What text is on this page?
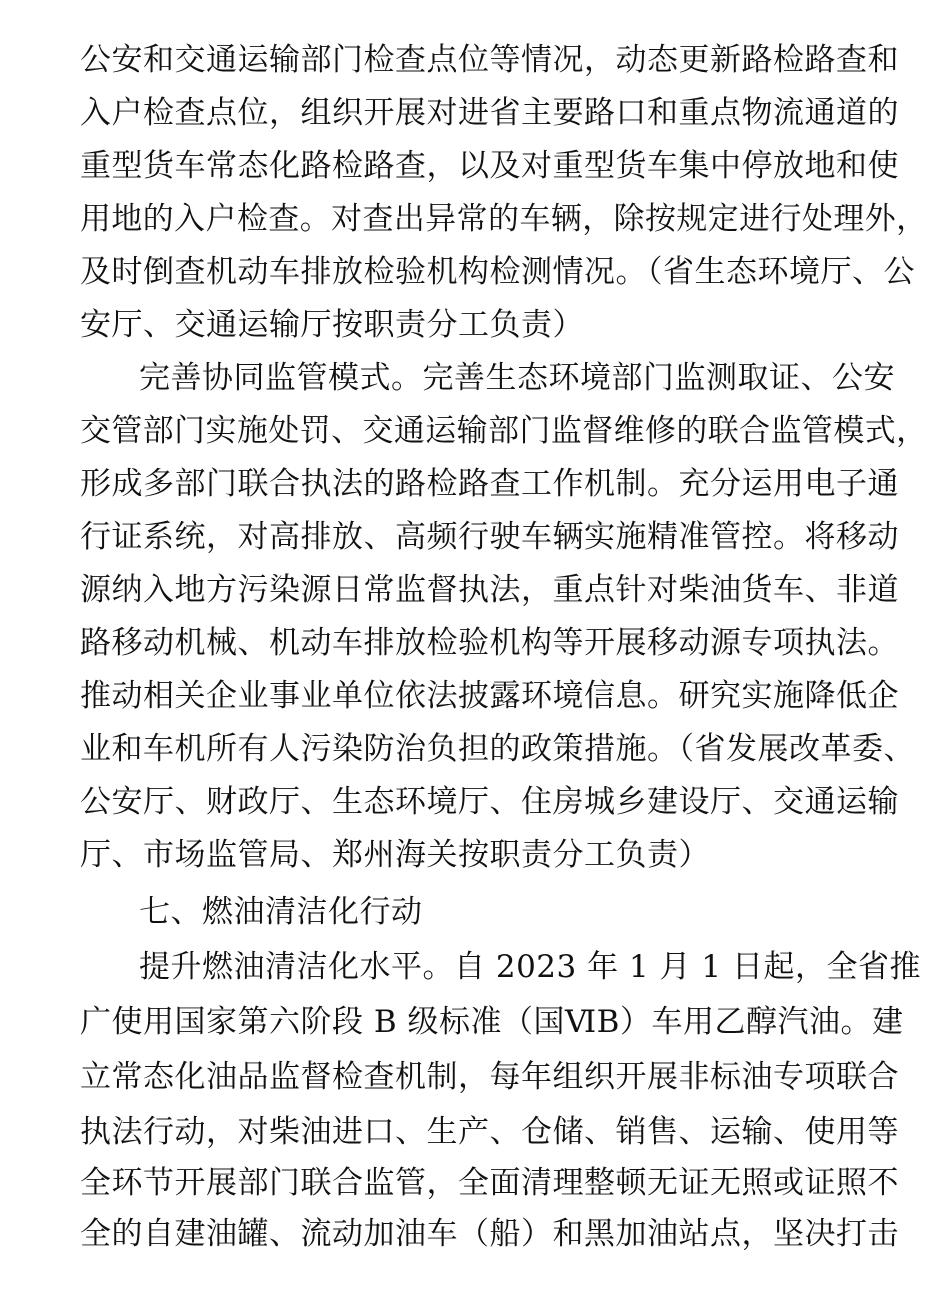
公安和交通运输部门检查点位等情况，动态更新路检路查和
入户检查点位，组织开展对进省主要路口和重点物流通道的
重型货车常态化路检路查，以及对重型货车集中停放地和使
用地的入户检查。对查出异常的车辆，除按规定进行处理外，
及时倒查机动车排放检验机构检测情况。（省生态环境厅、公
安厅、交通运输厅按职责分工负责）
完善协同监管模式。完善生态环境部门监测取证、公安
交管部门实施处罚、交通运输部门监督维修的联合监管模式，
形成多部门联合执法的路检路查工作机制。充分运用电子通
行证系统，对高排放、高频行驶车辆实施精准管控。将移动
源纳入地方污染源日常监督执法，重点针对柴油货车、非道
路移动机械、机动车排放检验机构等开展移动源专项执法。
推动相关企业事业单位依法披露环境信息。研究实施降低企
业和车机所有人污染防治负担的政策措施。（省发展改革委、
公安厅、财政厅、生态环境厅、住房城乡建设厅、交通运输
厅、市场监管局、郑州海关按职责分工负责）
七、燃油清洁化行动
提升燃油清洁化水平。自 2023 年 1 月 1 日起，全省推
广使用国家第六阶段 B 级标准（国ⅥB）车用乙醇汽油。建
立常态化油品监督检查机制，每年组织开展非标油专项联合
执法行动，对柴油进口、生产、仓储、销售、运输、使用等
全环节开展部门联合监管，全面清理整顿无证无照或证照不
全的自建油罐、流动加油车（船）和黑加油站点，坚决打击
